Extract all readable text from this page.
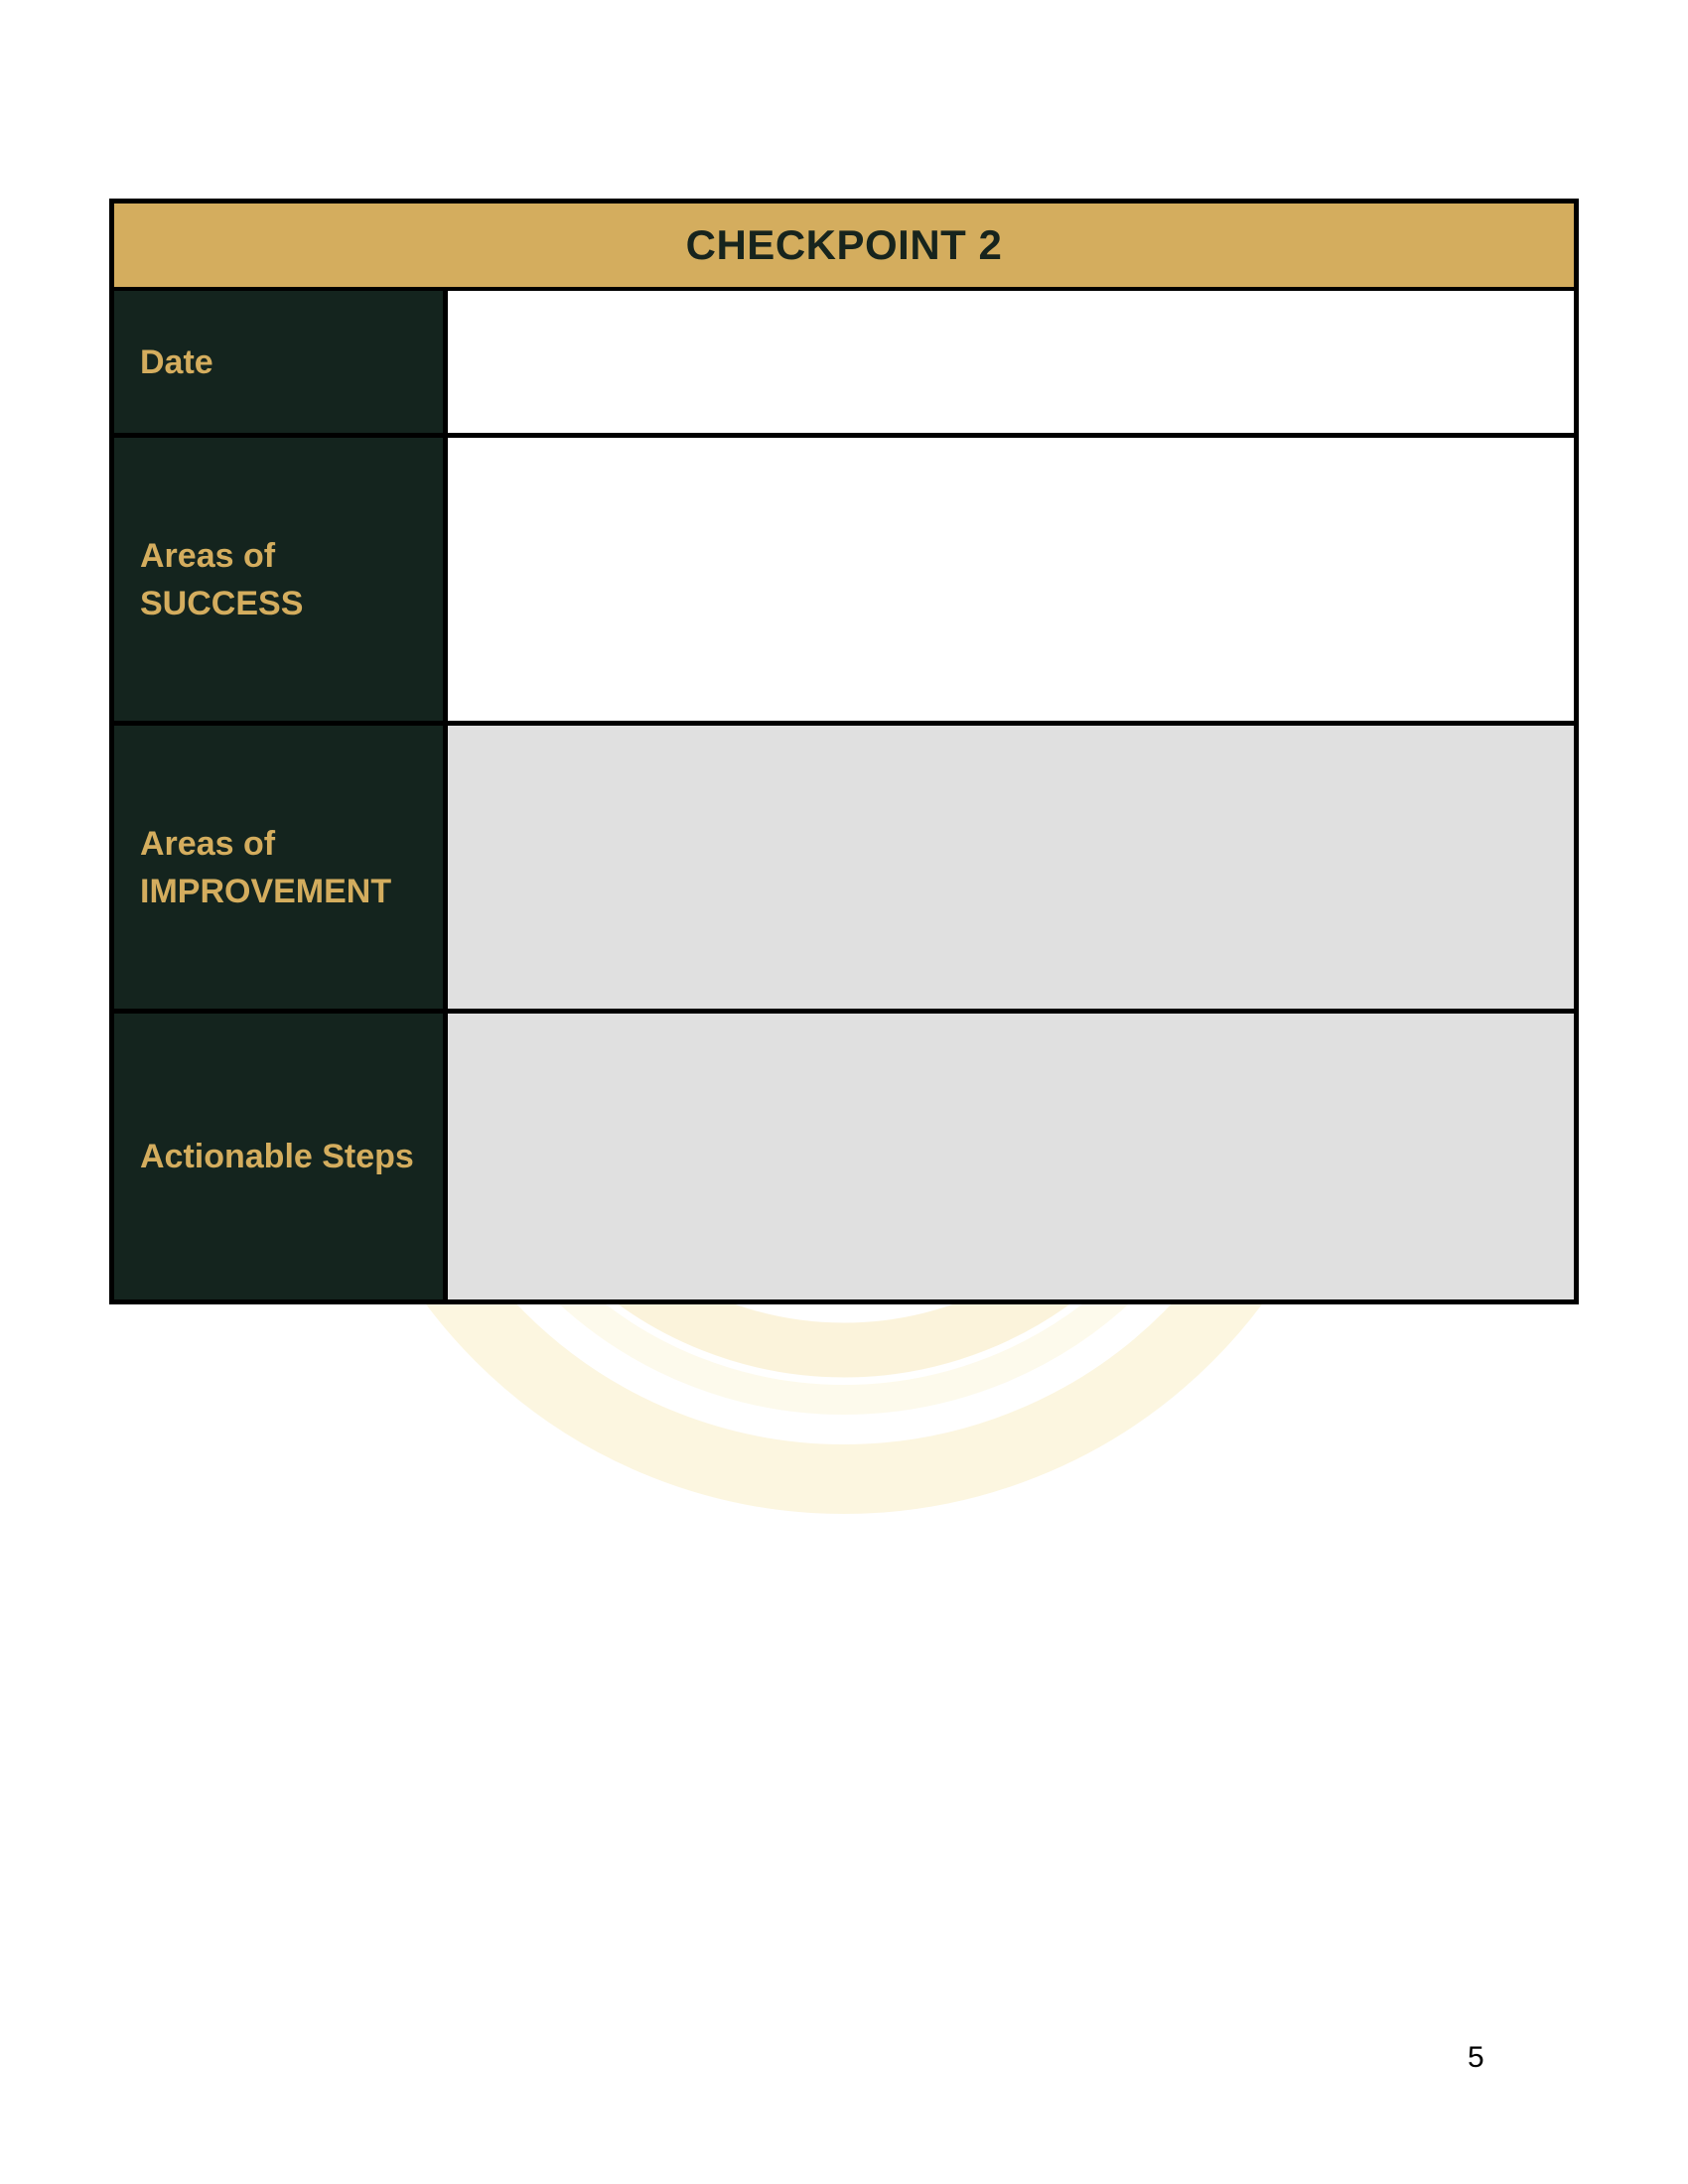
CHECKPOINT 2
Date
Areas of
SUCCESS
Areas of
IMPROVEMENT
Actionable Steps
5
